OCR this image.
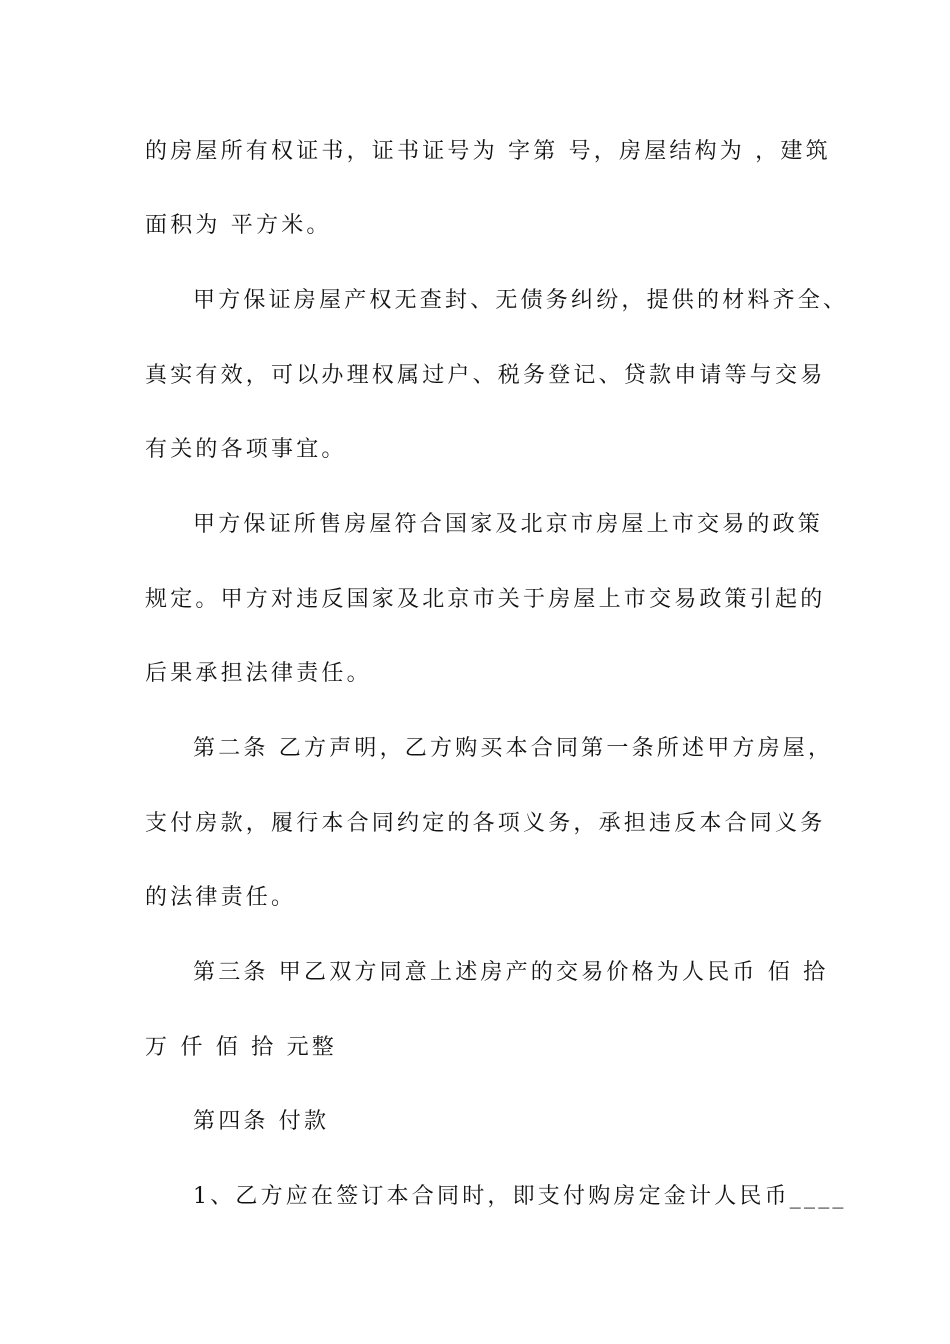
的房屋所有权证书，证书证号为 字第 号，房屋结构为 ，建筑
面积为 平方米。
甲方保证房屋产权无查封、无债务纠纷，提供的材料齐全、
真实有效，可以办理权属过户、税务登记、贷款申请等与交易
有关的各项事宜。
甲方保证所售房屋符合国家及北京市房屋上市交易的政策
规定。甲方对违反国家及北京市关于房屋上市交易政策引起的
后果承担法律责任。
第二条 乙方声明，乙方购买本合同第一条所述甲方房屋，
支付房款，履行本合同约定的各项义务，承担违反本合同义务
的法律责任。
第三条 甲乙双方同意上述房产的交易价格为人民币 佰 拾
万 仟 佰 拾 元整
第四条 付款
1、乙方应在签订本合同时，即支付购房定金计人民币____
